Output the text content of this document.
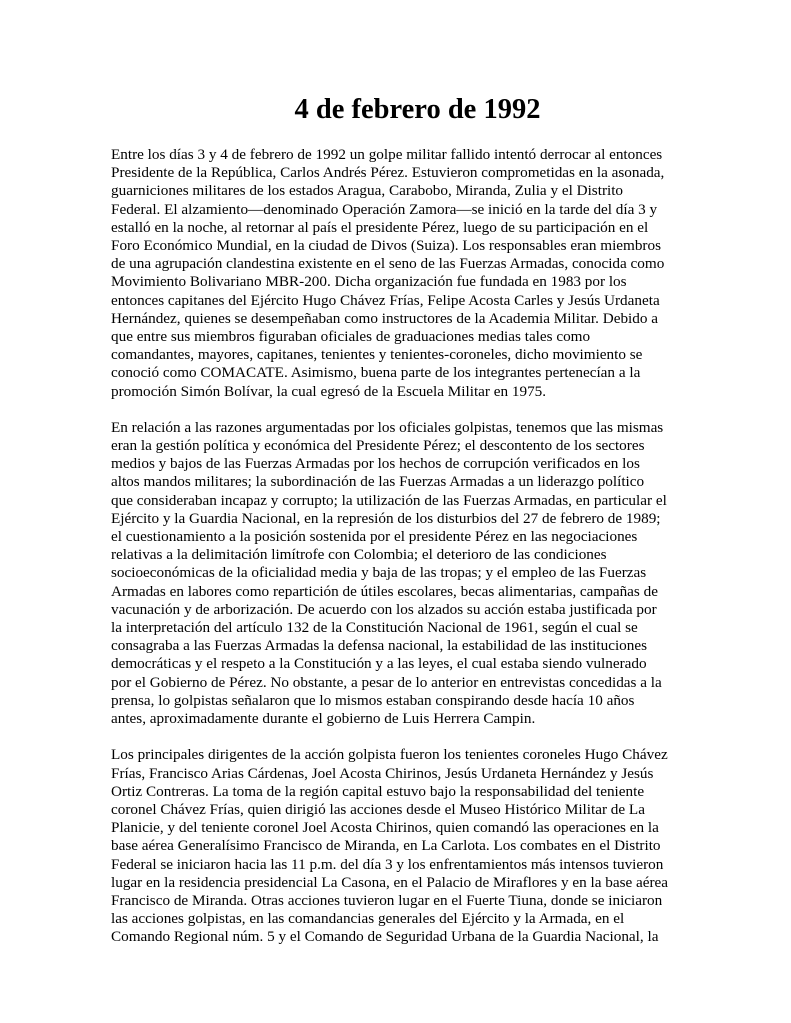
4 de febrero de 1992

Entre los días 3 y 4 de febrero de 1992 un golpe militar fallido intentó derrocar al entonces
Presidente de la República, Carlos Andrés Pérez. Estuvieron comprometidas en la asonada,
guarniciones militares de los estados Aragua, Carabobo, Miranda, Zulia y el Distrito
Federal. El alzamiento—denominado Operación Zamora—se inició en la tarde del día 3 y
estalló en la noche, al retornar al país el presidente Pérez, luego de su participación en el
Foro Económico Mundial, en la ciudad de Divos (Suiza). Los responsables eran miembros
de una agrupación clandestina existente en el seno de las Fuerzas Armadas, conocida como
Movimiento Bolivariano MBR-200. Dicha organización fue fundada en 1983 por los
entonces capitanes del Ejército Hugo Chávez Frías, Felipe Acosta Carles y Jesús Urdaneta
Hernández, quienes se desempeñaban como instructores de la Academia Militar. Debido a
que entre sus miembros figuraban oficiales de graduaciones medias tales como
comandantes, mayores, capitanes, tenientes y tenientes-coroneles, dicho movimiento se
conoció como COMACATE. Asimismo, buena parte de los integrantes pertenecían a la
promoción Simón Bolívar, la cual egresó de la Escuela Militar en 1975.

En relación a las razones argumentadas por los oficiales golpistas, tenemos que las mismas
eran la gestión política y económica del Presidente Pérez; el descontento de los sectores
medios y bajos de las Fuerzas Armadas por los hechos de corrupción verificados en los
altos mandos militares; la subordinación de las Fuerzas Armadas a un liderazgo político
que consideraban incapaz y corrupto; la utilización de las Fuerzas Armadas, en particular el
Ejército y la Guardia Nacional, en la represión de los disturbios del 27 de febrero de 1989;
el cuestionamiento a la posición sostenida por el presidente Pérez en las negociaciones
relativas a la delimitación limítrofe con Colombia; el deterioro de las condiciones
socioeconómicas de la oficialidad media y baja de las tropas; y el empleo de las Fuerzas
Armadas en labores como repartición de útiles escolares, becas alimentarias, campañas de
vacunación y de arborización. De acuerdo con los alzados su acción estaba justificada por
la interpretación del artículo 132 de la Constitución Nacional de 1961, según el cual se
consagraba a las Fuerzas Armadas la defensa nacional, la estabilidad de las instituciones
democráticas y el respeto a la Constitución y a las leyes, el cual estaba siendo vulnerado
por el Gobierno de Pérez. No obstante, a pesar de lo anterior en entrevistas concedidas a la
prensa, lo golpistas señalaron que lo mismos estaban conspirando desde hacía 10 años
antes, aproximadamente durante el gobierno de Luis Herrera Campin.

Los principales dirigentes de la acción golpista fueron los tenientes coroneles Hugo Chávez
Frías, Francisco Arias Cárdenas, Joel Acosta Chirinos, Jesús Urdaneta Hernández y Jesús
Ortiz Contreras. La toma de la región capital estuvo bajo la responsabilidad del teniente
coronel Chávez Frías, quien dirigió las acciones desde el Museo Histórico Militar de La
Planicie, y del teniente coronel Joel Acosta Chirinos, quien comandó las operaciones en la
base aérea Generalísimo Francisco de Miranda, en La Carlota. Los combates en el Distrito
Federal se iniciaron hacia las 11 p.m. del día 3 y los enfrentamientos más intensos tuvieron
lugar en la residencia presidencial La Casona, en el Palacio de Miraflores y en la base aérea
Francisco de Miranda. Otras acciones tuvieron lugar en el Fuerte Tiuna, donde se iniciaron
las acciones golpistas, en las comandancias generales del Ejército y la Armada, en el
Comando Regional núm. 5 y el Comando de Seguridad Urbana de la Guardia Nacional, la
